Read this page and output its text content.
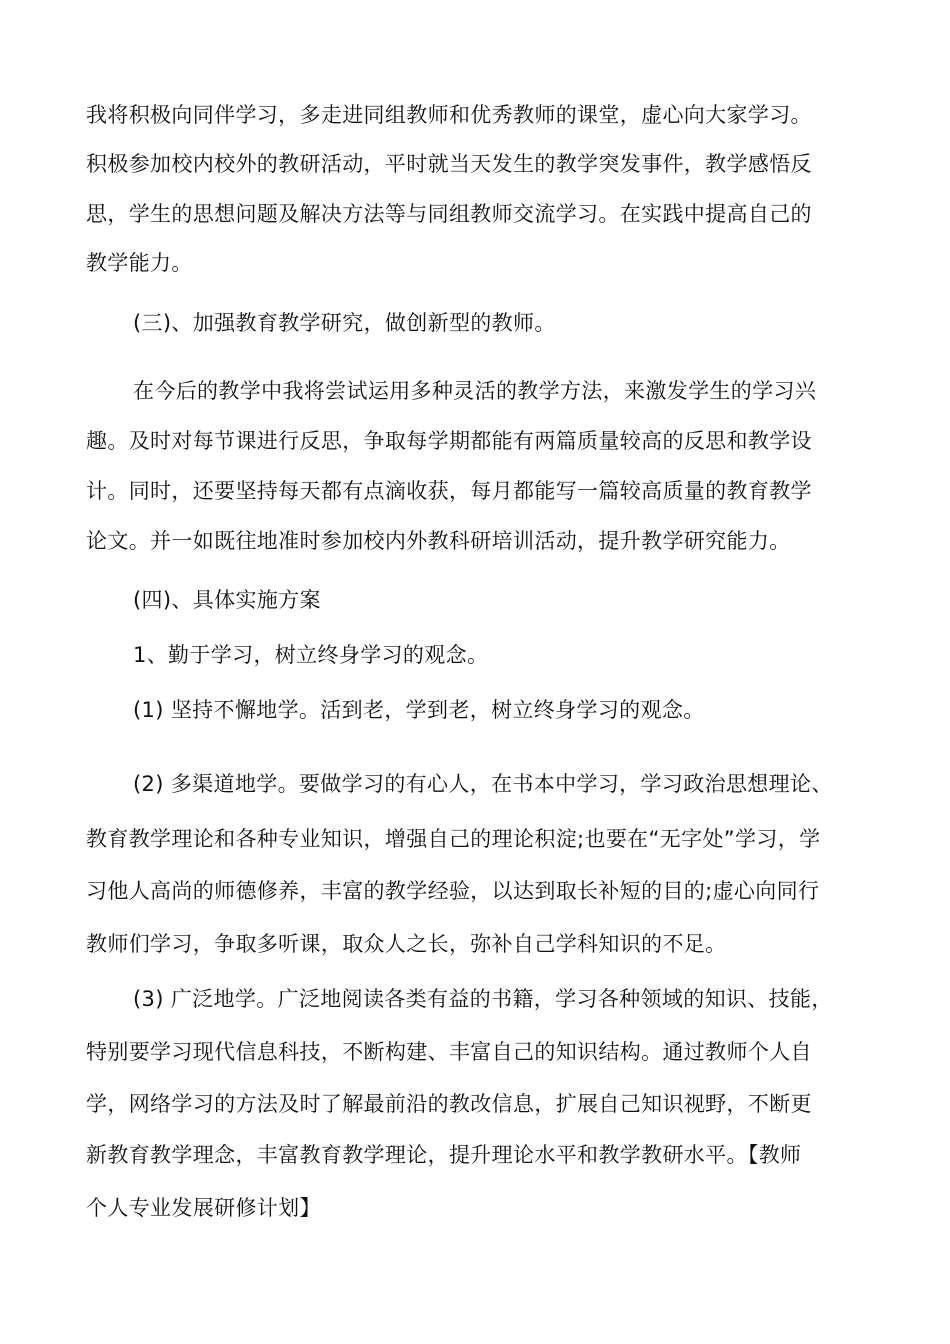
我将积极向同伴学习，多走进同组教师和优秀教师的课堂，虚心向大家学习。
积极参加校内校外的教研活动，平时就当天发生的教学突发事件，教学感悟反
思，学生的思想问题及解决方法等与同组教师交流学习。在实践中提高自己的
教学能力。
(三)、加强教育教学研究，做创新型的教师。
在今后的教学中我将尝试运用多种灵活的教学方法，来激发学生的学习兴
趣。及时对每节课进行反思，争取每学期都能有两篇质量较高的反思和教学设
计。同时，还要坚持每天都有点滴收获，每月都能写一篇较高质量的教育教学
论文。并一如既往地准时参加校内外教科研培训活动，提升教学研究能力。
(四)、具体实施方案
1、勤于学习，树立终身学习的观念。
(1) 坚持不懈地学。活到老，学到老，树立终身学习的观念。
(2) 多渠道地学。要做学习的有心人，在书本中学习，学习政治思想理论、
教育教学理论和各种专业知识，增强自己的理论积淀;也要在“无字处”学习，学
习他人高尚的师德修养，丰富的教学经验，以达到取长补短的目的;虚心向同行
教师们学习，争取多听课，取众人之长，弥补自己学科知识的不足。
(3) 广泛地学。广泛地阅读各类有益的书籍，学习各种领域的知识、技能，
特别要学习现代信息科技，不断构建、丰富自己的知识结构。通过教师个人自
学，网络学习的方法及时了解最前沿的教改信息，扩展自己知识视野，不断更
新教育教学理念，丰富教育教学理论，提升理论水平和教学教研水平。【教师
个人专业发展研修计划】
